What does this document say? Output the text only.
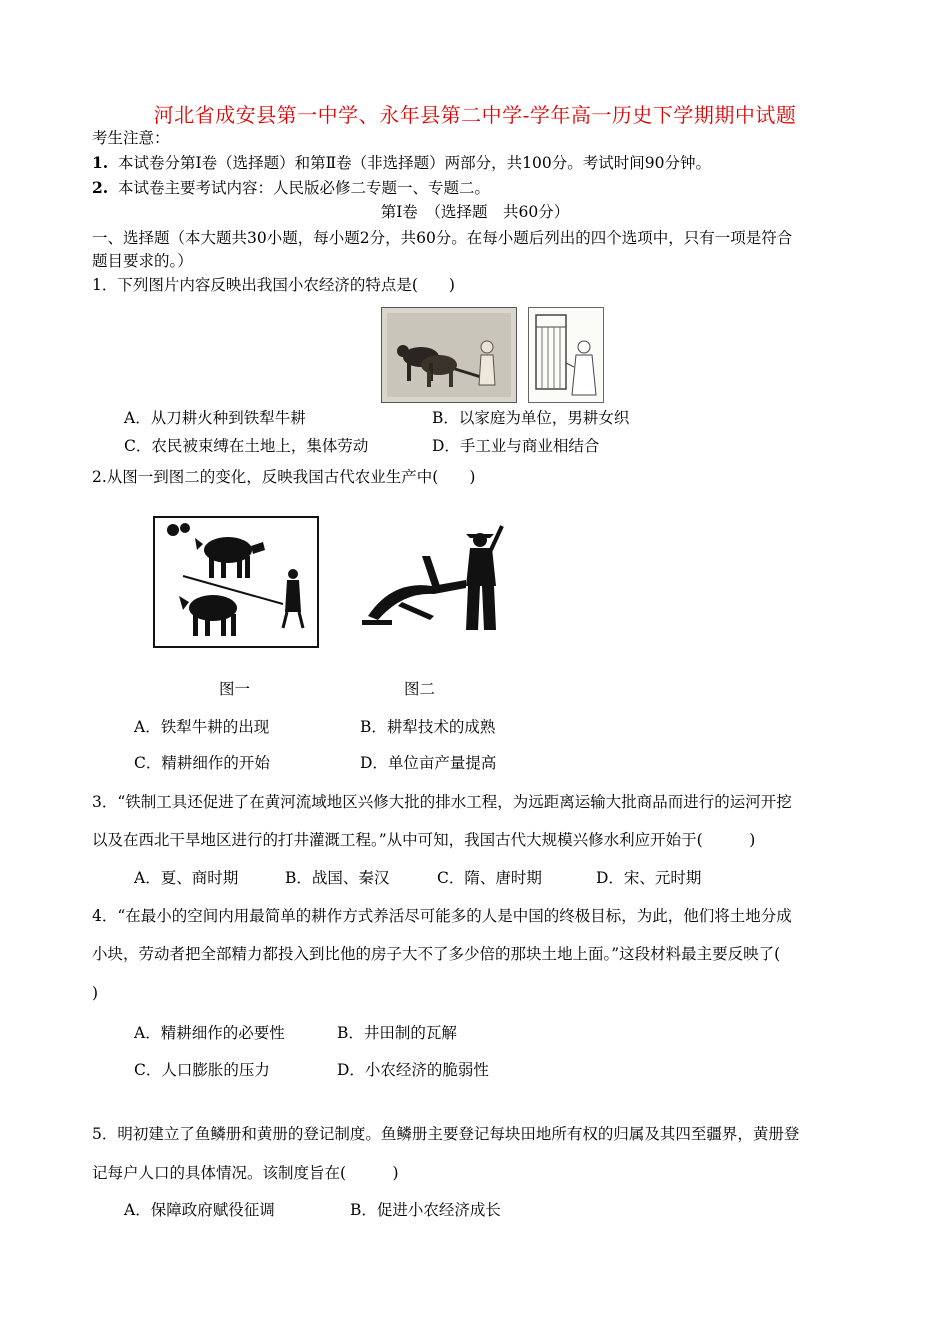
河北省成安县第一中学、永年县第二中学-学年高一历史下学期期中试题
考生注意：
1. 本试卷分第Ⅰ卷（选择题）和第Ⅱ卷（非选择题）两部分，共100分。考试时间90分钟。
2. 本试卷主要考试内容：人民版必修二专题一、专题二。
第Ⅰ卷　（选择题　共60分）
一、选择题（本大题共30小题，每小题2分，共60分。在每小题后列出的四个选项中，只有一项是符合
题目要求的。）
1．下列图片内容反映出我国小农经济的特点是(　　)
A．从刀耕火种到铁犁牛耕	B．以家庭为单位，男耕女织
C．农民被束缚在土地上，集体劳动	D．手工业与商业相结合
2.从图一到图二的变化，反映我国古代农业生产中(　　)
图一	图二
A．铁犁牛耕的出现	B．耕犁技术的成熟
C．精耕细作的开始	D．单位亩产量提高
3．“铁制工具还促进了在黄河流域地区兴修大批的排水工程，为远距离运输大批商品而进行的运河开挖
以及在西北干旱地区进行的打井灌溉工程。”从中可知，我国古代大规模兴修水利应开始于(　　　)
A．夏、商时期	B．战国、秦汉	C．隋、唐时期	D．宋、元时期
4．“在最小的空间内用最简单的耕作方式养活尽可能多的人是中国的终极目标，为此，他们将土地分成
小块，劳动者把全部精力都投入到比他的房子大不了多少倍的那块土地上面。”这段材料最主要反映了(
)
A．精耕细作的必要性	B．井田制的瓦解
C．人口膨胀的压力	D．小农经济的脆弱性
5．明初建立了鱼鳞册和黄册的登记制度。鱼鳞册主要登记每块田地所有权的归属及其四至疆界，黄册登
记每户人口的具体情况。该制度旨在(　　　)
A．保障政府赋役征调	B．促进小农经济成长
